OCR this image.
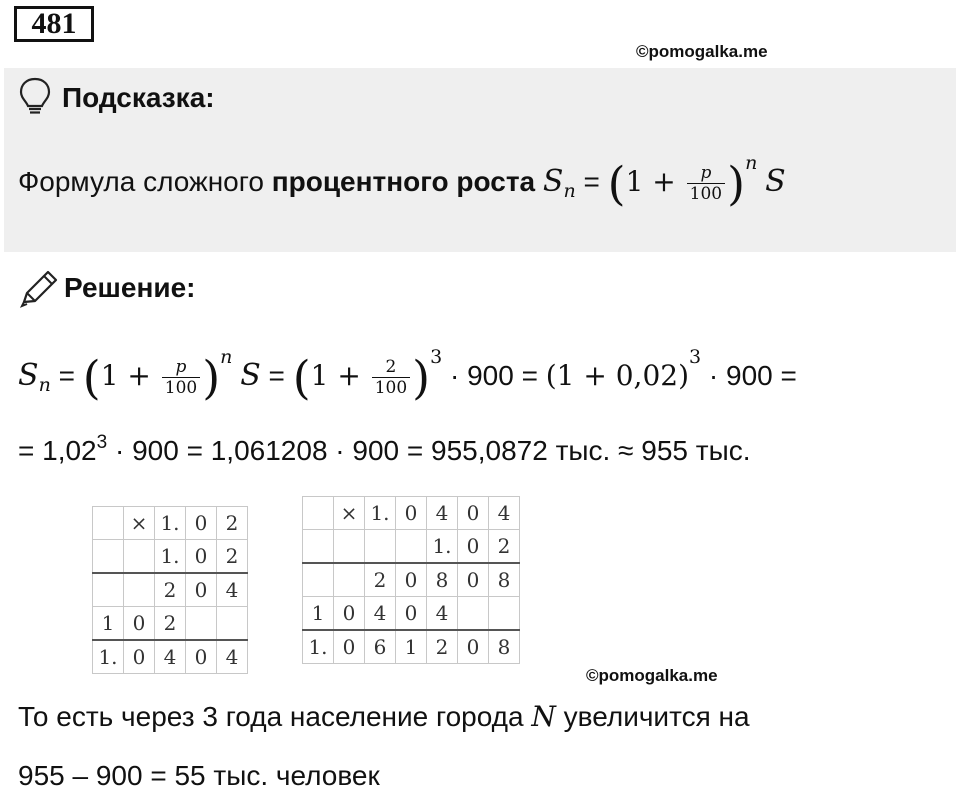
481
©pomogalka.me
Подсказка:
Формула сложного процентного роста $S_n = (1 + \frac{p}{100} )^n$ S
Решение:
$S_n = (1 + \frac{p}{100} )^n$ $S = (1 + \frac{2}{100} )^3 \cdot 900 = (1 + 0,02)^3 \cdot 900$ =
= $1,02^3 \cdot 900 = 1,061208 \cdot 900 = 955,0872$ тыс. ≈ 955 тыс.
	×	1.	0	2
		1.	0	2
		2	0	4
1	0	2		
1.	0	4	0	4
	×	1.	0	4	0	4
				1.	0	2
		2	0	8	0	8
1	0	4	0	4		
1.	0	6	1	2	0	8
©pomogalka.me
То есть через 3 года население города N увеличится на
955 – 900 = 55 тыс. человек
